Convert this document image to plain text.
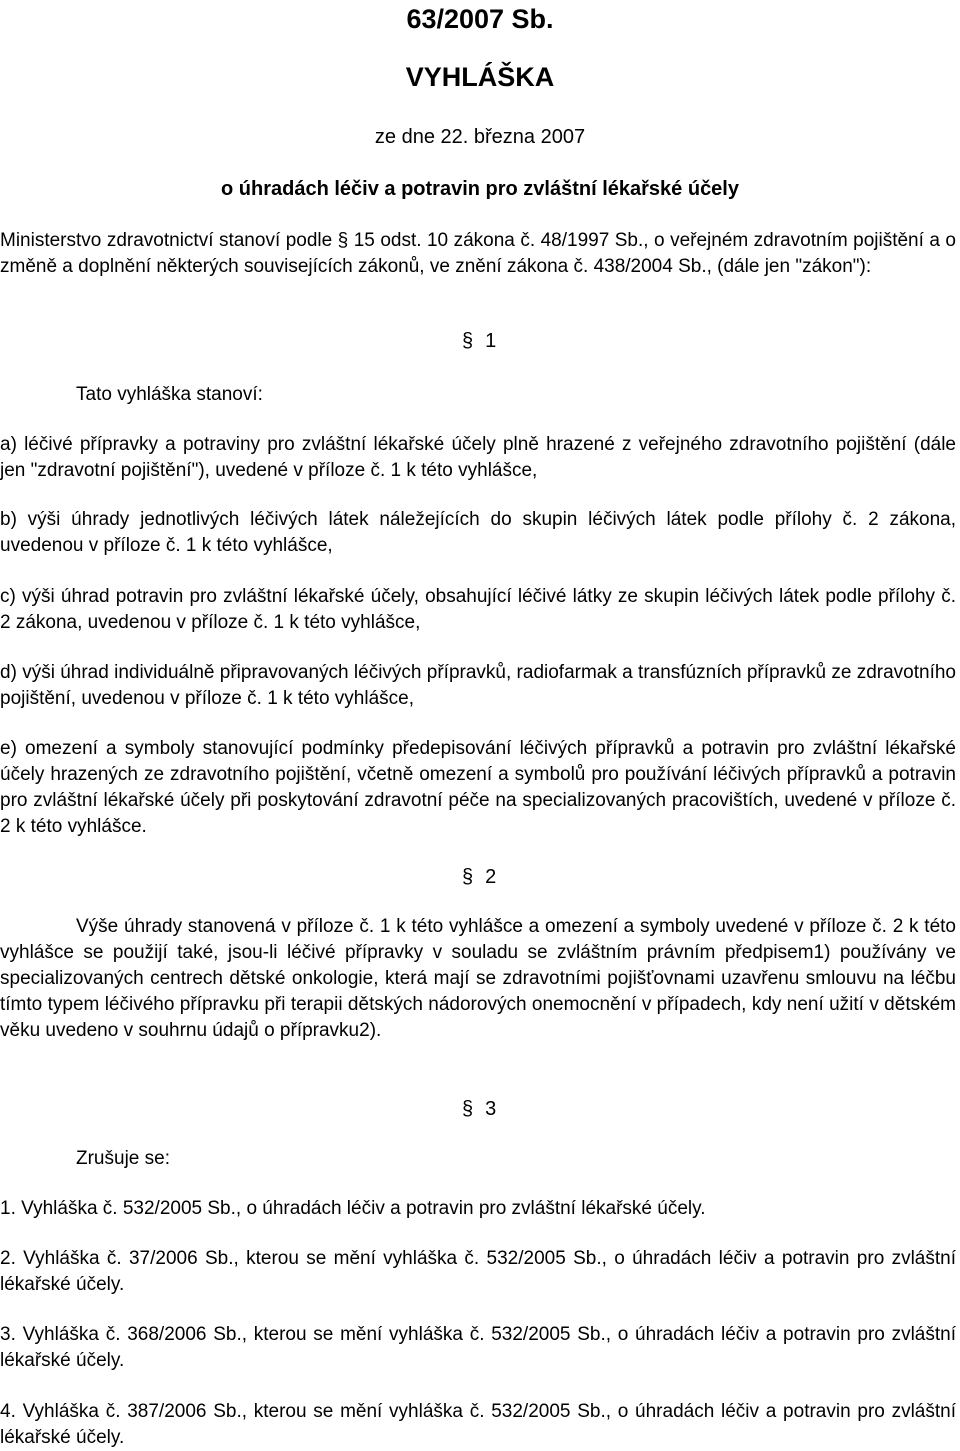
63/2007 Sb.
VYHLÁŠKA
ze dne 22. března 2007
o úhradách léčiv a potravin pro zvláštní lékařské účely
Ministerstvo zdravotnictví stanoví podle § 15 odst. 10 zákona č. 48/1997 Sb., o veřejném zdravotním pojištění a o změně a doplnění některých souvisejících zákonů, ve znění zákona č. 438/2004 Sb., (dále jen "zákon"):
§ 1
Tato vyhláška stanoví:
a) léčivé přípravky a potraviny pro zvláštní lékařské účely plně hrazené z veřejného zdravotního pojištění (dále jen "zdravotní pojištění"), uvedené v příloze č. 1 k této vyhlášce,
b) výši úhrady jednotlivých léčivých látek náležejících do skupin léčivých látek podle přílohy č. 2 zákona, uvedenou v příloze č. 1 k této vyhlášce,
c) výši úhrad potravin pro zvláštní lékařské účely, obsahující léčivé látky ze skupin léčivých látek podle přílohy č. 2 zákona, uvedenou v příloze č. 1 k této vyhlášce,
d) výši úhrad individuálně připravovaných léčivých přípravků, radiofarmak a transfúzních přípravků ze zdravotního pojištění, uvedenou v příloze č. 1 k této vyhlášce,
e) omezení a symboly stanovující podmínky předepisování léčivých přípravků a potravin pro zvláštní lékařské účely hrazených ze zdravotního pojištění, včetně omezení a symbolů pro používání léčivých přípravků a potravin pro zvláštní lékařské účely při poskytování zdravotní péče na specializovaných pracovištích, uvedené v příloze č. 2 k této vyhlášce.
§ 2
Výše úhrady stanovená v příloze č. 1 k této vyhlášce a omezení a symboly uvedené v příloze č. 2 k této vyhlášce se použijí také, jsou-li léčivé přípravky v souladu se zvláštním právním předpisem1) používány ve specializovaných centrech dětské onkologie, která mají se zdravotními pojišťovnami uzavřenu smlouvu na léčbu tímto typem léčivého přípravku při terapii dětských nádorových onemocnění v případech, kdy není užití v dětském věku uvedeno v souhrnu údajů o přípravku2).
§ 3
Zrušuje se:
1. Vyhláška č. 532/2005 Sb., o úhradách léčiv a potravin pro zvláštní lékařské účely.
2. Vyhláška č. 37/2006 Sb., kterou se mění vyhláška č. 532/2005 Sb., o úhradách léčiv a potravin pro zvláštní lékařské účely.
3. Vyhláška č. 368/2006 Sb., kterou se mění vyhláška č. 532/2005 Sb., o úhradách léčiv a potravin pro zvláštní lékařské účely.
4. Vyhláška č. 387/2006 Sb., kterou se mění vyhláška č. 532/2005 Sb., o úhradách léčiv a potravin pro zvláštní lékařské účely.
